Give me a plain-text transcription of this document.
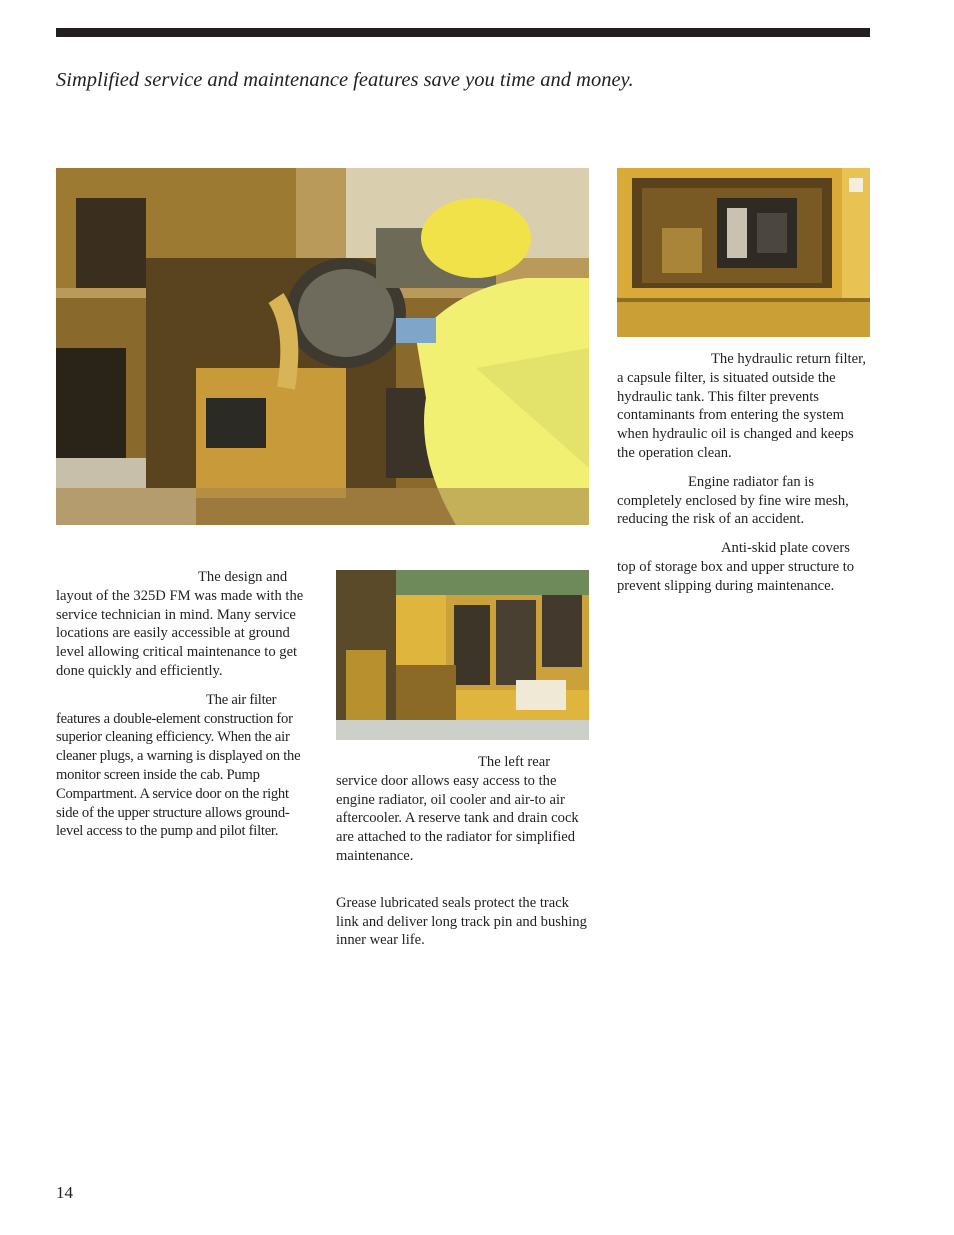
Simplified service and maintenance features save you time and money.

The design and layout of the 325D FM was made with the service technician in mind. Many service locations are easily accessible at ground level allowing critical maintenance to get done quickly and efficiently.

The air filter features a double-element construction for superior cleaning efficiency. When the air cleaner plugs, a warning is displayed on the monitor screen inside the cab. Pump Compartment. A service door on the right side of the upper structure allows ground-level access to the pump and pilot filter.

The left rear service door allows easy access to the engine radiator, oil cooler and air-to air aftercooler. A reserve tank and drain cock are attached to the radiator for simplified maintenance.

Grease lubricated seals protect the track link and deliver long track pin and bushing inner wear life.

The hydraulic return filter, a capsule filter, is situated outside the hydraulic tank. This filter prevents contaminants from entering the system when hydraulic oil is changed and keeps the operation clean.

Engine radiator fan is completely enclosed by fine wire mesh, reducing the risk of an accident.

Anti-skid plate covers top of storage box and upper structure to prevent slipping during maintenance.

14
